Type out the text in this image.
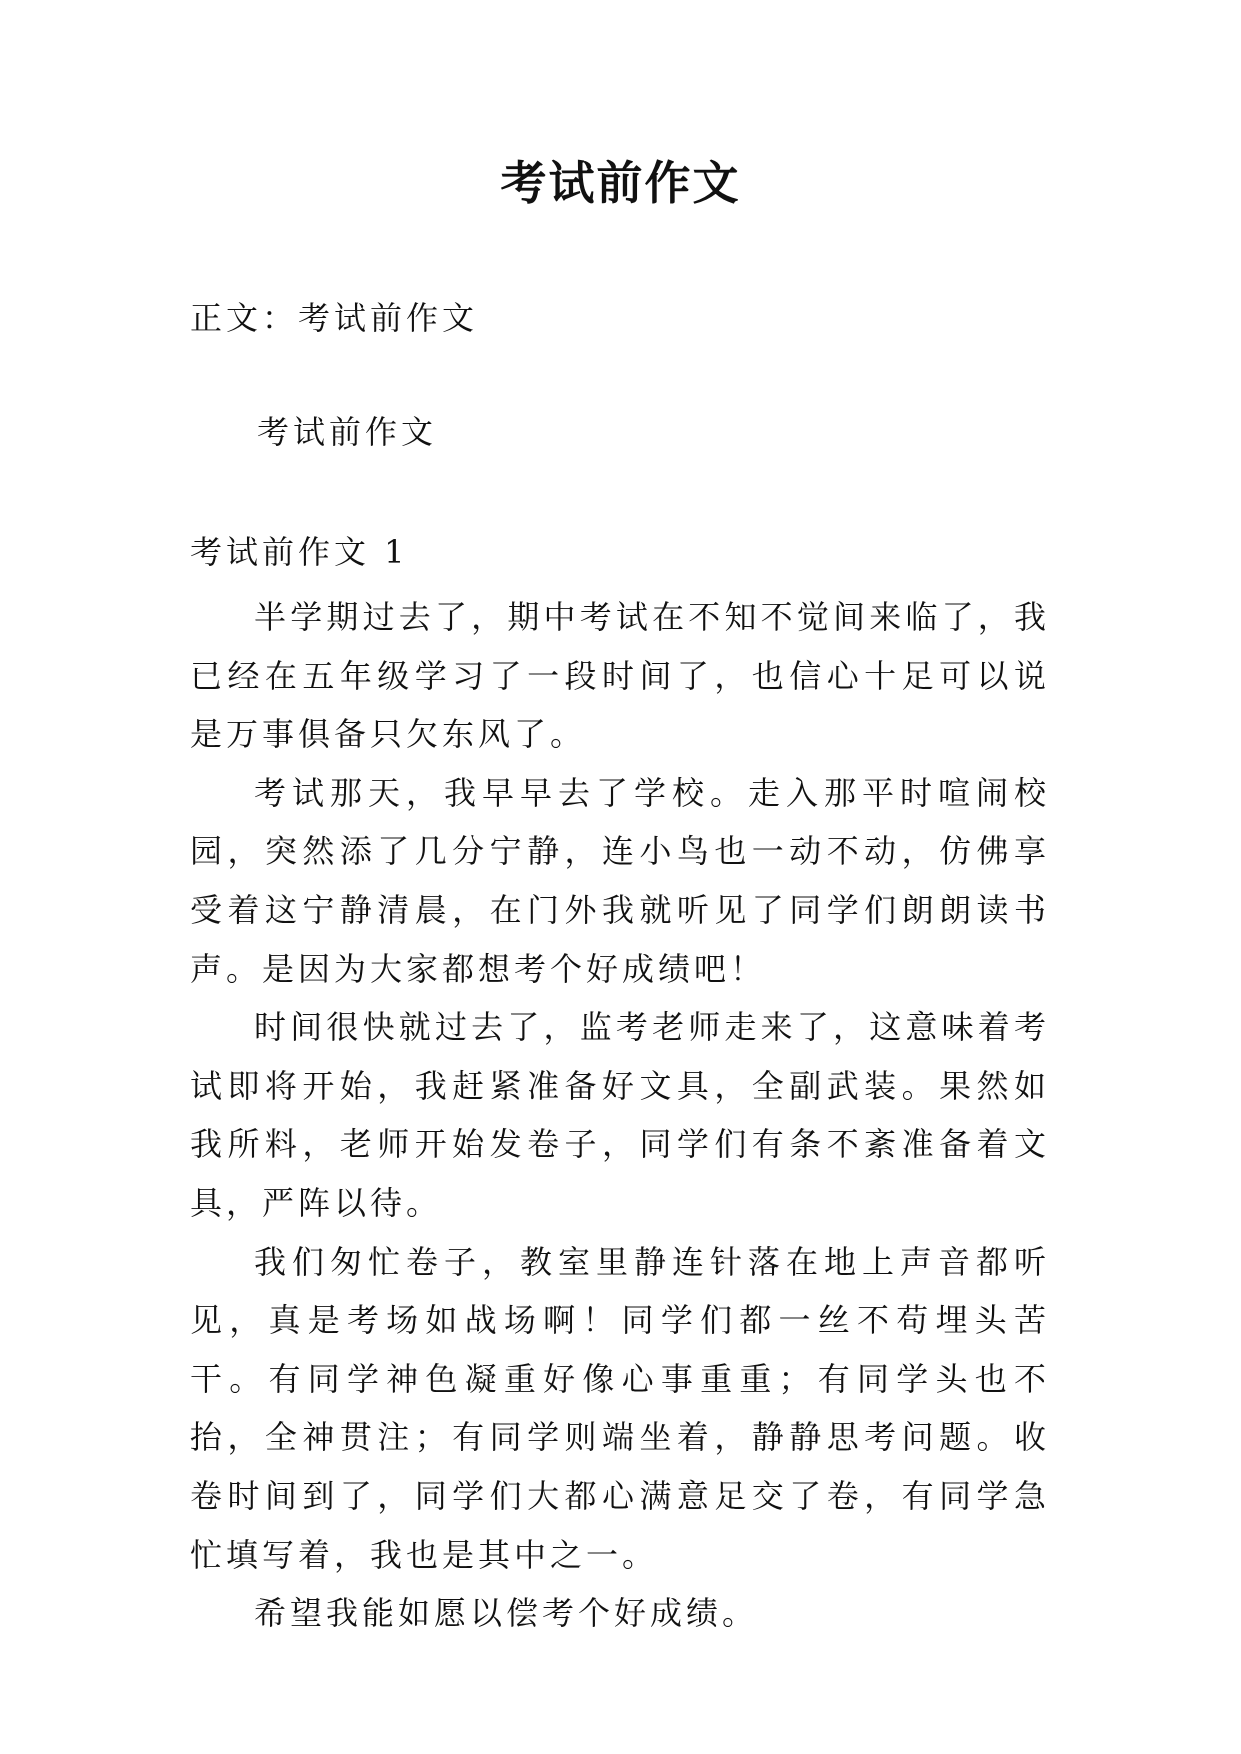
考试前作文
正文：考试前作文
考试前作文
考试前作文 1

半学期过去了，期中考试在不知不觉间来临了，我已经在五年级学习了一段时间了，也信心十足可以说是万事俱备只欠东风了。

考试那天，我早早去了学校。走入那平时喧闹校园，突然添了几分宁静，连小鸟也一动不动，仿佛享受着这宁静清晨，在门外我就听见了同学们朗朗读书声。是因为大家都想考个好成绩吧！

时间很快就过去了，监考老师走来了，这意味着考试即将开始，我赶紧准备好文具，全副武装。果然如我所料，老师开始发卷子，同学们有条不紊准备着文具，严阵以待。

我们匆忙卷子，教室里静连针落在地上声音都听见，真是考场如战场啊！同学们都一丝不苟埋头苦干。有同学神色凝重好像心事重重；有同学头也不抬，全神贯注；有同学则端坐着，静静思考问题。收卷时间到了，同学们大都心满意足交了卷，有同学急忙填写着，我也是其中之一。

希望我能如愿以偿考个好成绩。
